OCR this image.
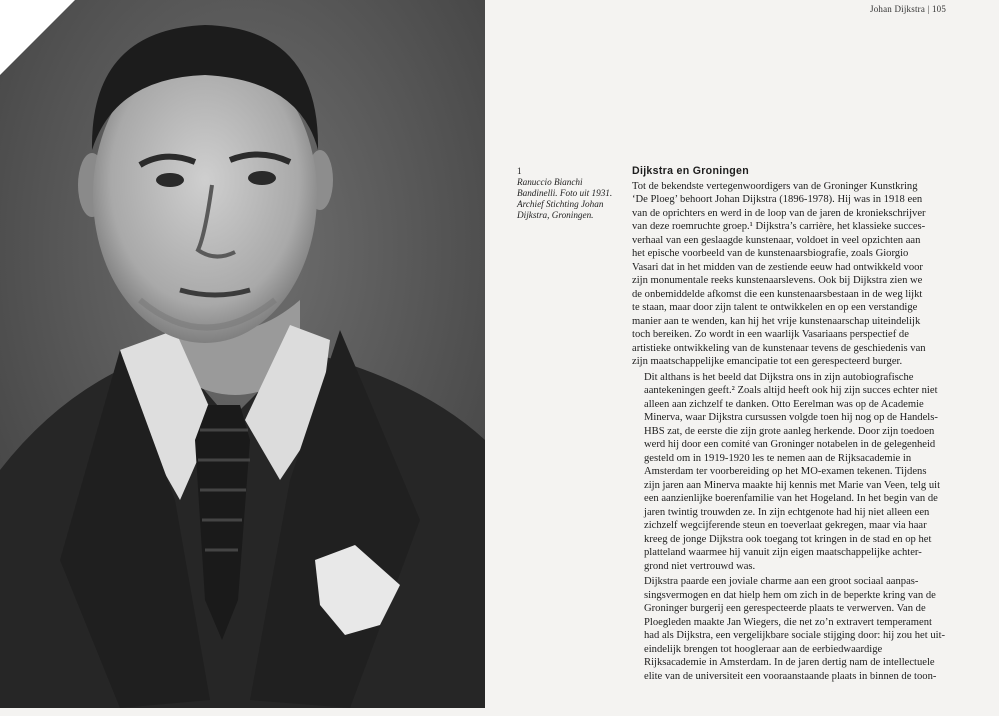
Johan Dijkstra | 105
1
Ranuccio Bianchi
Bandinelli. Foto uit 1931.
Archief Stichting Johan
Dijkstra, Groningen.
Dijkstra en Groningen

Tot de bekendste vertegenwoordigers van de Groninger Kunstkring
‘De Ploeg’ behoort Johan Dijkstra (1896-1978). Hij was in 1918 een
van de oprichters en werd in de loop van de jaren de kroniekschrijver
van deze roemruchte groep.¹ Dijkstra’s carrière, het klassieke succes-
verhaal van een geslaagde kunstenaar, voldoet in veel opzichten aan
het epische voorbeeld van de kunstenaarsbiografie, zoals Giorgio
Vasari dat in het midden van de zestiende eeuw had ontwikkeld voor
zijn monumentale reeks kunstenaarslevens. Ook bij Dijkstra zien we
de onbemiddelde afkomst die een kunstenaarsbestaan in de weg lijkt
te staan, maar door zijn talent te ontwikkelen en op een verstandige
manier aan te wenden, kan hij het vrije kunstenaarschap uiteindelijk
toch bereiken. Zo wordt in een waarlijk Vasariaans perspectief de
artistieke ontwikkeling van de kunstenaar tevens de geschiedenis van
zijn maatschappelijke emancipatie tot een gerespecteerd burger.

Dit althans is het beeld dat Dijkstra ons in zijn autobiografische
aantekeningen geeft.² Zoals altijd heeft ook hij zijn succes echter niet
alleen aan zichzelf te danken. Otto Eerelman was op de Academie
Minerva, waar Dijkstra cursussen volgde toen hij nog op de Handels-
HBS zat, de eerste die zijn grote aanleg herkende. Door zijn toedoen
werd hij door een comité van Groninger notabelen in de gelegenheid
gesteld om in 1919-1920 les te nemen aan de Rijksacademie in
Amsterdam ter voorbereiding op het MO-examen tekenen. Tijdens
zijn jaren aan Minerva maakte hij kennis met Marie van Veen, telg uit
een aanzienlijke boerenfamilie van het Hogeland. In het begin van de
jaren twintig trouwden ze. In zijn echtgenote had hij niet alleen een
zichzelf wegcijferende steun en toeverlaat gekregen, maar via haar
kreeg de jonge Dijkstra ook toegang tot kringen in de stad en op het
platteland waarmee hij vanuit zijn eigen maatschappelijke achter-
grond niet vertrouwd was.

Dijkstra paarde een joviale charme aan een groot sociaal aanpas-
singsvermogen en dat hielp hem om zich in de beperkte kring van de
Groninger burgerij een gerespecteerde plaats te verwerven. Van de
Ploegleden maakte Jan Wiegers, die net zo’n extravert temperament
had als Dijkstra, een vergelijkbare sociale stijging door: hij zou het uit-
eindelijk brengen tot hoogleraar aan de eerbiedwaardige
Rijksacademie in Amsterdam. In de jaren dertig nam de intellectuele
elite van de universiteit een vooraanstaande plaats in binnen de toon-
